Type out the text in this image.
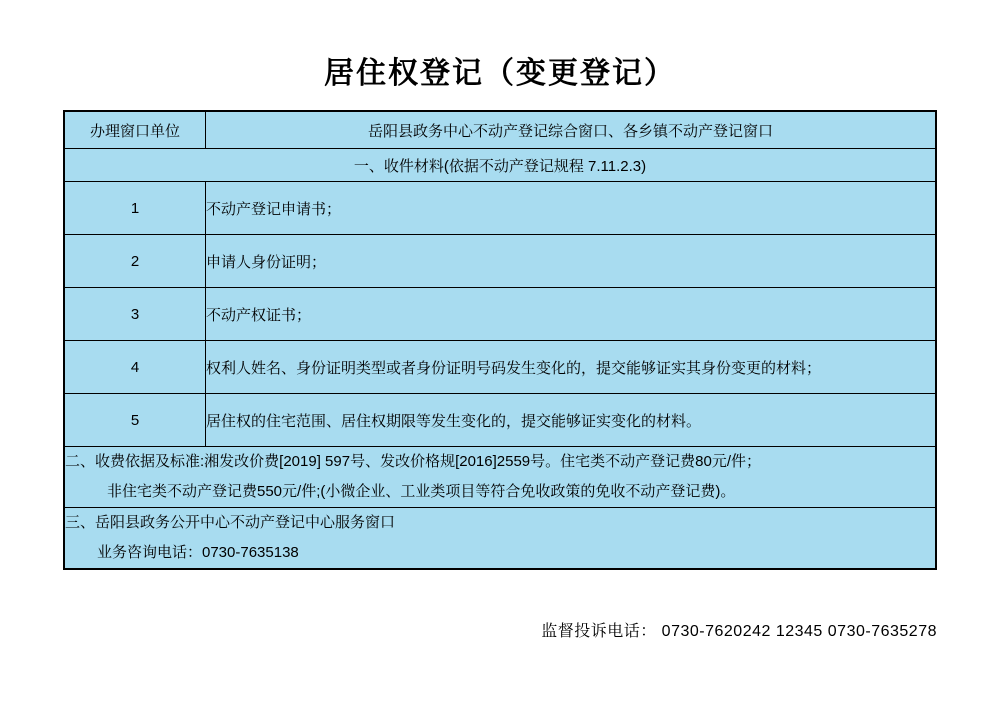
居住权登记（变更登记）
办理窗口单位	岳阳县政务中心不动产登记综合窗口、各乡镇不动产登记窗口
一、收件材料(依据不动产登记规程 7.11.2.3)	
1	不动产登记申请书；
2	申请人身份证明；
3	不动产权证书；
4	权利人姓名、身份证明类型或者身份证明号码发生变化的，提交能够证实其身份变更的材料；
5	居住权的住宅范围、居住权期限等发生变化的，提交能够证实变化的材料。

二、收费依据及标准:湘发改价费[2019] 597号、发改价格规[2016]2559号。住宅类不动产登记费80元/件；
非住宅类不动产登记费550元/件;(小微企业、工业类项目等符合免收政策的免收不动产登记费)。	

三、岳阳县政务公开中心不动产登记中心服务窗口
业务咨询电话：0730-7635138	
监督投诉电话： 0730-7620242 12345 0730-7635278
